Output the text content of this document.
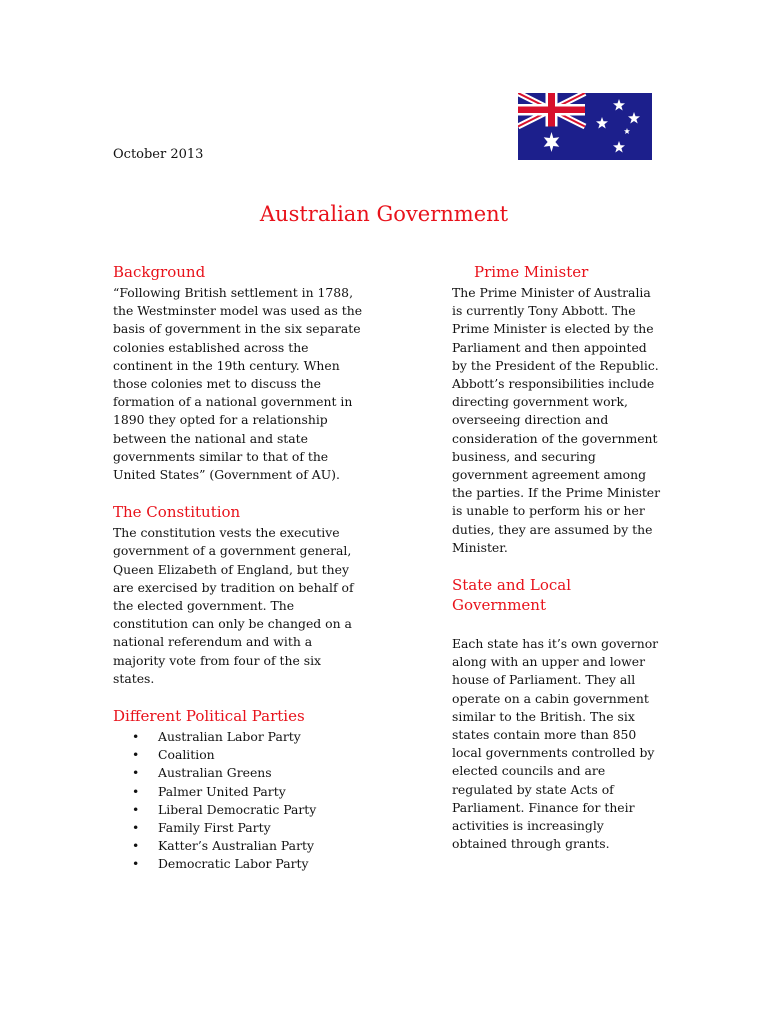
October 2013
Australian Government
Background

“Following British settlement in 1788, the Westminster model was used as the basis of government in the six separate colonies established across the continent in the 19th century. When those colonies met to discuss the formation of a national government in 1890 they opted for a relationship between the national and state governments similar to that of the United States” (Government of AU).

The Constitution

The constitution vests the executive government of a government general, Queen Elizabeth of England, but they are exercised by tradition on behalf of the elected government. The constitution can only be changed on a national referendum and with a majority vote from four of the six states.

Different Political Parties
• Australian Labor Party
• Coalition
• Australian Greens
• Palmer United Party
• Liberal Democratic Party
• Family First Party
• Katter’s Australian Party
• Democratic Labor Party
Prime Minister

The Prime Minister of Australia is currently Tony Abbott. The Prime Minister is elected by the Parliament and then appointed by the President of the Republic. Abbott’s responsibilities include directing government work, overseeing direction and consideration of the government business, and securing government agreement among the parties. If the Prime Minister is unable to perform his or her duties, they are assumed by the Minister.

State and Local Government

Each state has it’s own governor along with an upper and lower house of Parliament. They all operate on a cabin government similar to the British. The six states contain more than 850 local governments controlled by elected councils and are regulated by state Acts of Parliament. Finance for their activities is increasingly obtained through grants.
